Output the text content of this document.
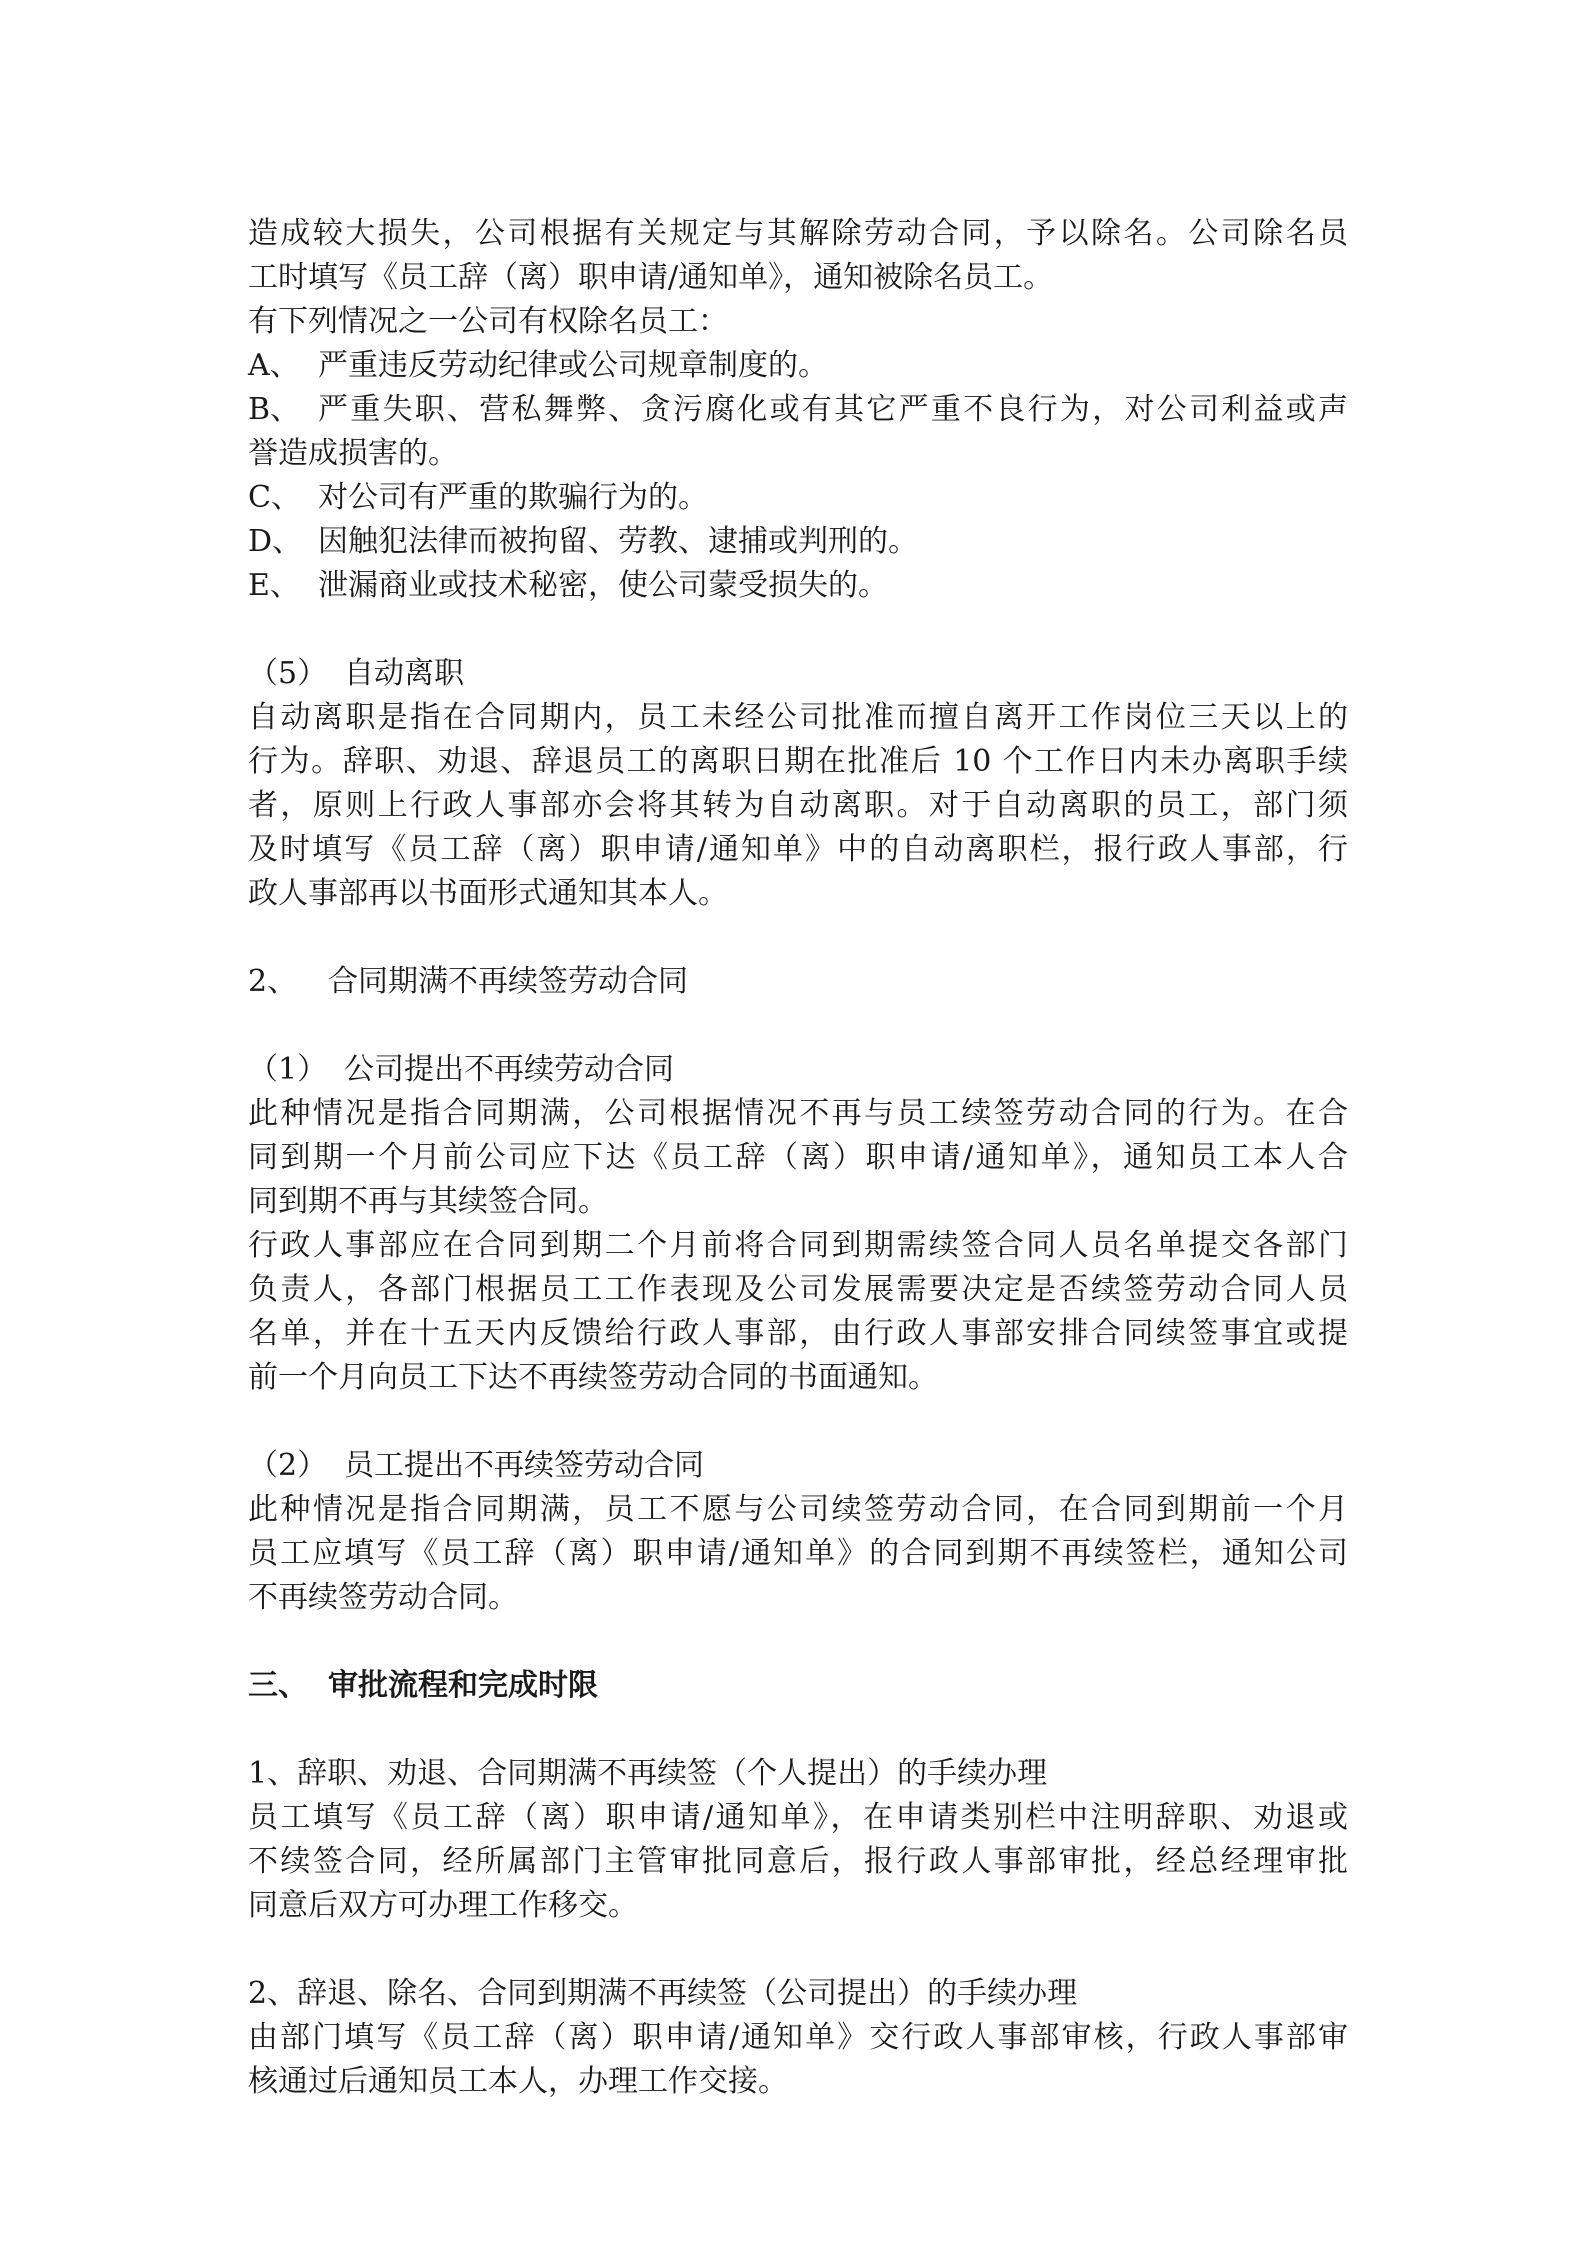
造成较大损失，公司根据有关规定与其解除劳动合同，予以除名。公司除名员
工时填写《员工辞（离）职申请/通知单》，通知被除名员工。
有下列情况之一公司有权除名员工：
A、 严重违反劳动纪律或公司规章制度的。
B、 严重失职、营私舞弊、贪污腐化或有其它严重不良行为，对公司利益或声
誉造成损害的。
C、 对公司有严重的欺骗行为的。
D、 因触犯法律而被拘留、劳教、逮捕或判刑的。
E、 泄漏商业或技术秘密，使公司蒙受损失的。
（5） 自动离职
自动离职是指在合同期内，员工未经公司批准而擅自离开工作岗位三天以上的
行为。辞职、劝退、辞退员工的离职日期在批准后 10 个工作日内未办离职手续
者，原则上行政人事部亦会将其转为自动离职。对于自动离职的员工，部门须
及时填写《员工辞（离）职申请/通知单》中的自动离职栏，报行政人事部，行
政人事部再以书面形式通知其本人。
2、	合同期满不再续签劳动合同
（1） 公司提出不再续劳动合同
此种情况是指合同期满，公司根据情况不再与员工续签劳动合同的行为。在合
同到期一个月前公司应下达《员工辞（离）职申请/通知单》，通知员工本人合
同到期不再与其续签合同。
行政人事部应在合同到期二个月前将合同到期需续签合同人员名单提交各部门
负责人，各部门根据员工工作表现及公司发展需要决定是否续签劳动合同人员
名单，并在十五天内反馈给行政人事部，由行政人事部安排合同续签事宜或提
前一个月向员工下达不再续签劳动合同的书面通知。
（2） 员工提出不再续签劳动合同
此种情况是指合同期满，员工不愿与公司续签劳动合同，在合同到期前一个月
员工应填写《员工辞（离）职申请/通知单》的合同到期不再续签栏，通知公司
不再续签劳动合同。
三、 审批流程和完成时限
1、辞职、劝退、合同期满不再续签（个人提出）的手续办理
员工填写《员工辞（离）职申请/通知单》，在申请类别栏中注明辞职、劝退或
不续签合同，经所属部门主管审批同意后，报行政人事部审批，经总经理审批
同意后双方可办理工作移交。
2、辞退、除名、合同到期满不再续签（公司提出）的手续办理
由部门填写《员工辞（离）职申请/通知单》交行政人事部审核，行政人事部审
核通过后通知员工本人，办理工作交接。
